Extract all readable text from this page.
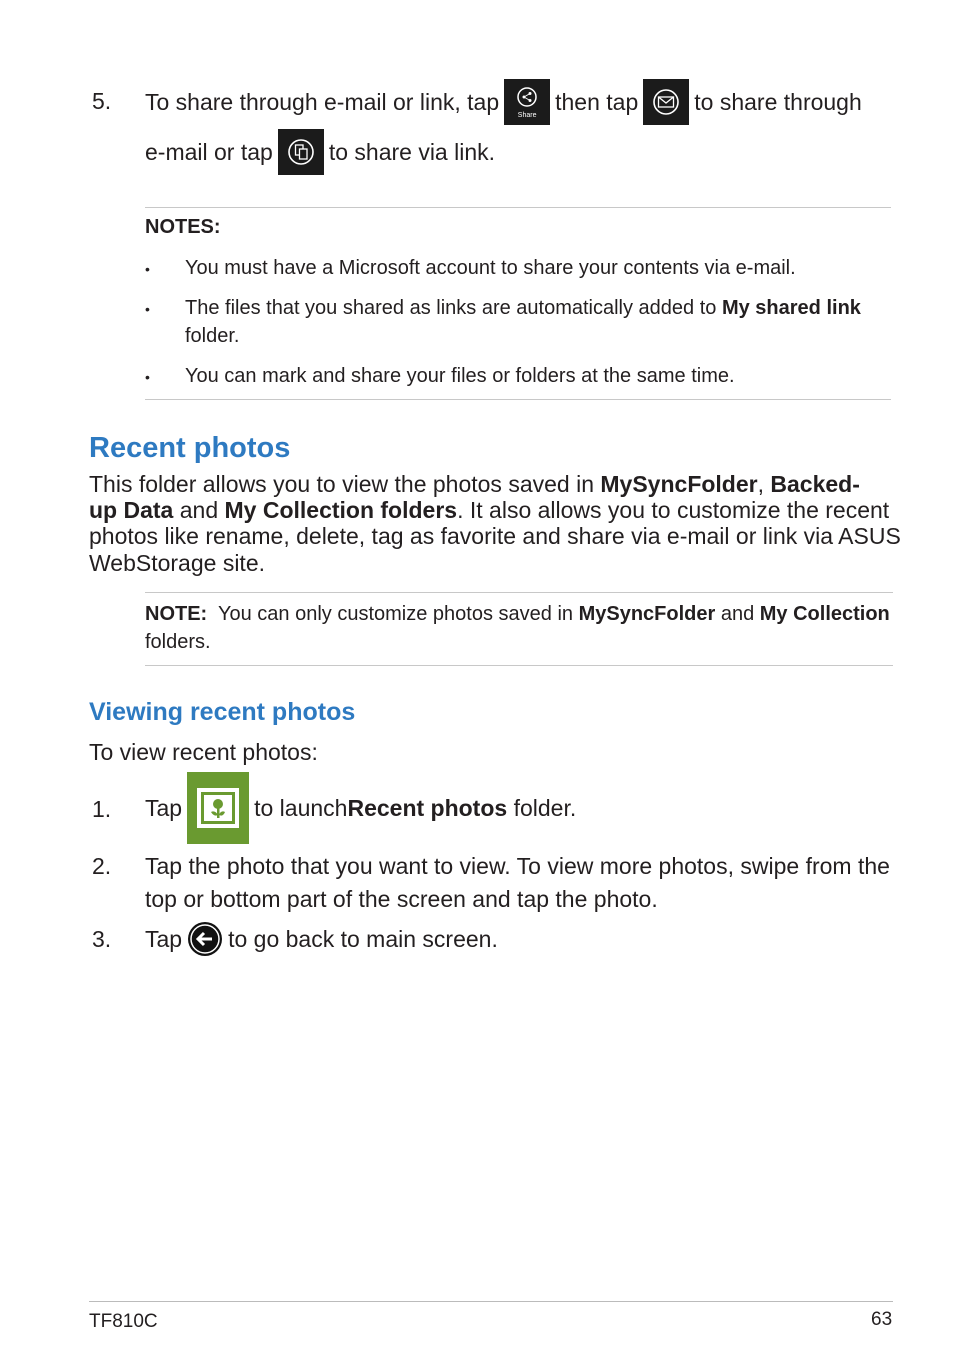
5. To share through e-mail or link, tap
Share
then tap to share through
e-mail or tap to share via link.
NOTES:
• You must have a Microsoft account to share your contents via e-mail.
• The files that you shared as links are automatically added to My shared link
folder.
• You can mark and share your files or folders at the same time.
Recent photos
This folder allows you to view the photos saved in MySyncFolder, Backed-
up Data and My Collection folders. It also allows you to customize the recent
photos like rename, delete, tag as favorite and share via e-mail or link via ASUS
WebStorage site.
NOTE:  You can only customize photos saved in MySyncFolder and My Collection
folders.
Viewing recent photos
To view recent photos:
1. Tap	to launch Recent photos folder.
2. Tap the photo that you want to view. To view more photos, swipe from the
top or bottom part of the screen and tap the photo.
3. Tap to go back to main screen.
TF810C	63
